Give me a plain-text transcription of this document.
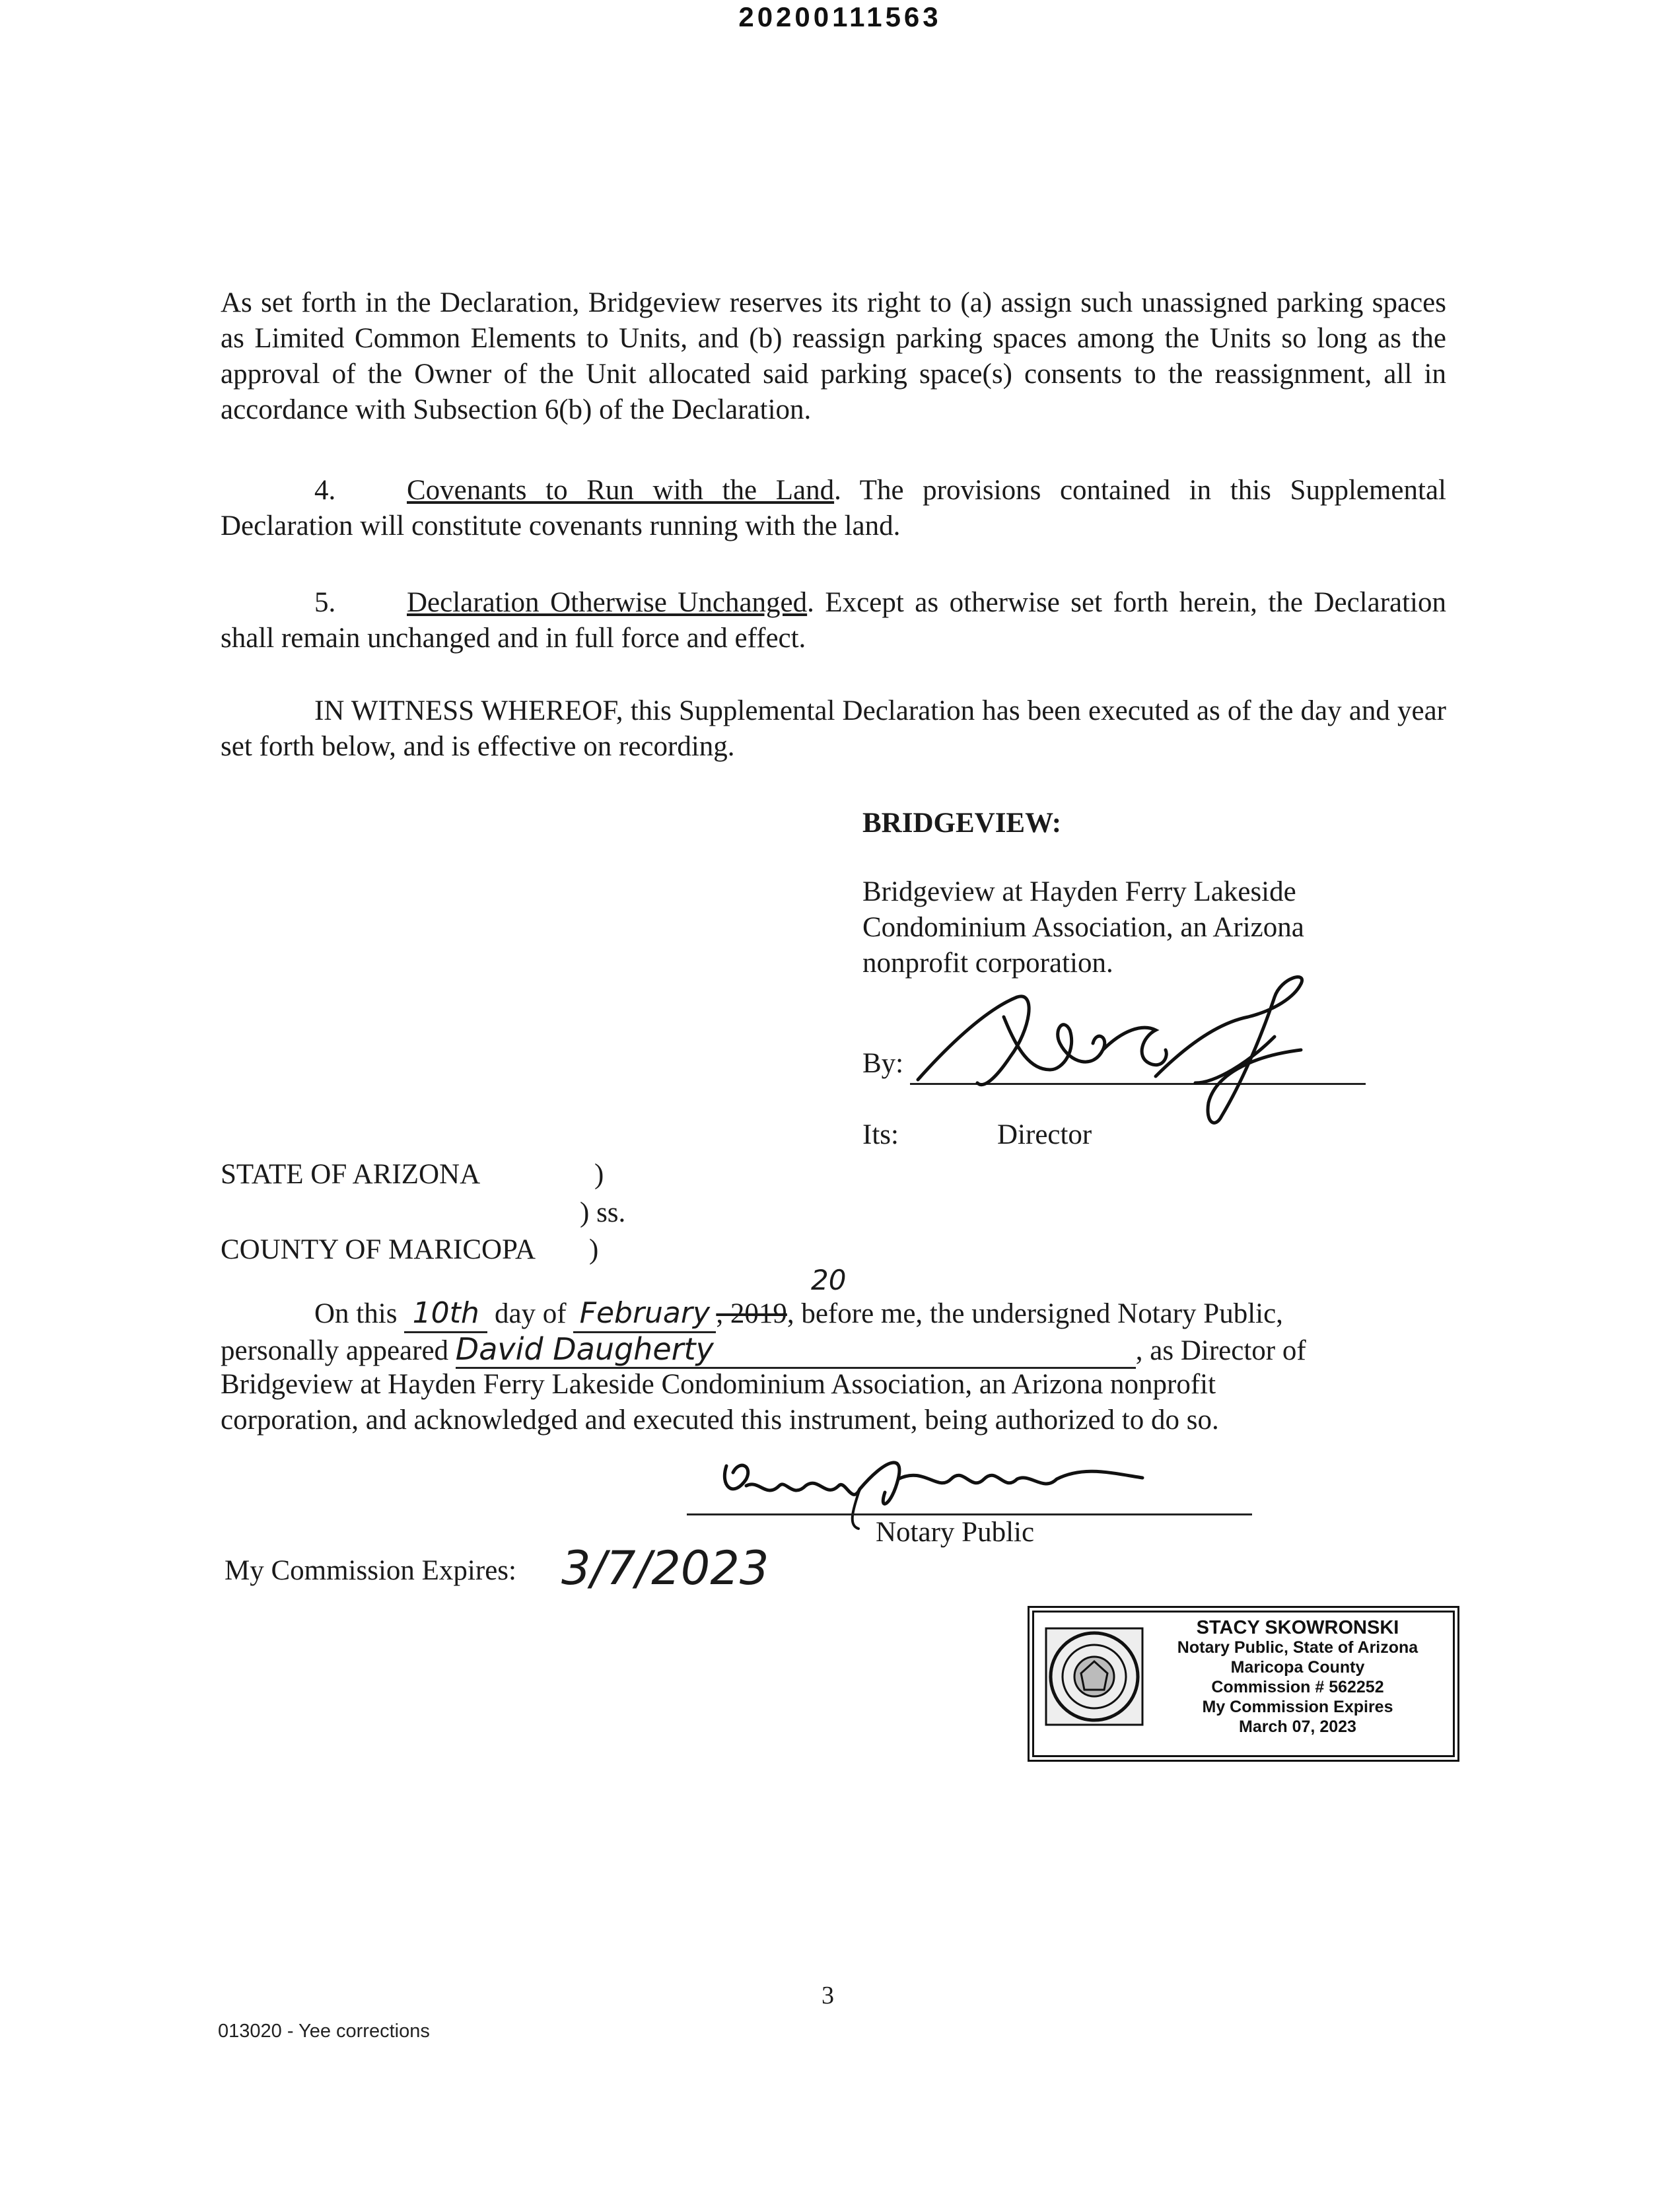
20200111563
As set forth in the Declaration, Bridgeview reserves its right to (a) assign such unassigned parking spaces as Limited Common Elements to Units, and (b) reassign parking spaces among the Units so long as the approval of the Owner of the Unit allocated said parking space(s) consents to the reassignment, all in accordance with Subsection 6(b) of the Declaration.
4.	Covenants to Run with the Land. The provisions contained in this Supplemental Declaration will constitute covenants running with the land.
5.	Declaration Otherwise Unchanged. Except as otherwise set forth herein, the Declaration shall remain unchanged and in full force and effect.
IN WITNESS WHEREOF, this Supplemental Declaration has been executed as of the day and year set forth below, and is effective on recording.
BRIDGEVIEW:
Bridgeview at Hayden Ferry Lakeside
Condominium Association, an Arizona
nonprofit corporation.
By:
Its:	Director
STATE OF ARIZONA	)
) ss.
COUNTY OF MARICOPA )
On this 10th day of February , 2019, before me, the undersigned Notary Public,
20
personally appeared David Daugherty	, as Director of
Bridgeview at Hayden Ferry Lakeside Condominium Association, an Arizona nonprofit
corporation, and acknowledged and executed this instrument, being authorized to do so.
Notary Public
My Commission Expires: 3/7/2023
STACY SKOWRONSKI
Notary Public, State of Arizona
Maricopa County
Commission # 562252
My Commission Expires
March 07, 2023
3
013020 - Yee corrections
